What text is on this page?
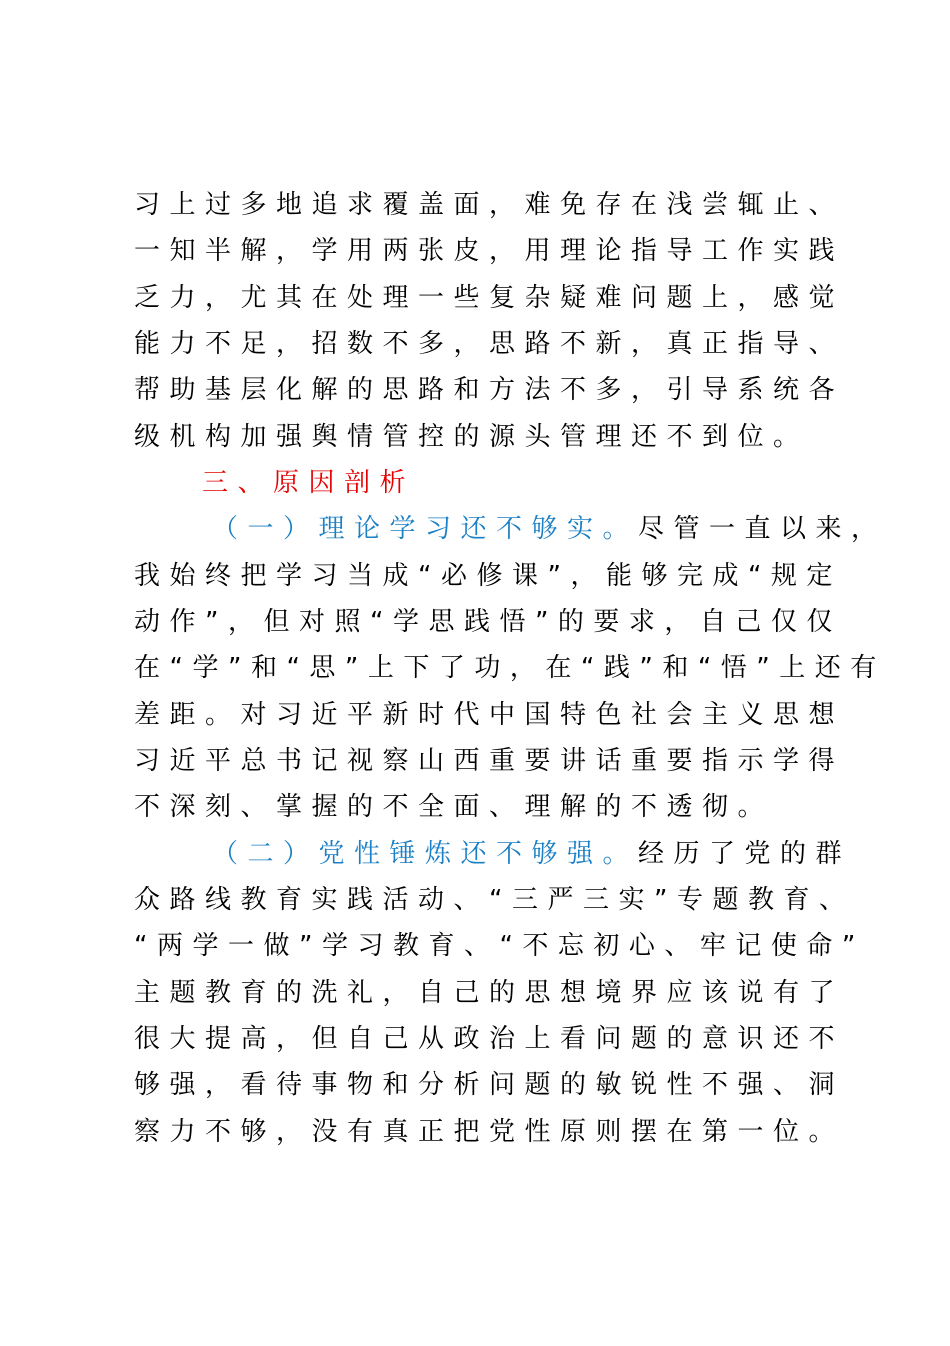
习上过多地追求覆盖面，难免存在浅尝辄止、
一知半解，学用两张皮，用理论指导工作实践
乏力，尤其在处理一些复杂疑难问题上，感觉
能力不足，招数不多，思路不新，真正指导、
帮助基层化解的思路和方法不多，引导系统各
级机构加强舆情管控的源头管理还不到位。
三、原因剖析
（一）理论学习还不够实。尽管一直以来，
我始终把学习当成“必修课”，能够完成“规定
动作”，但对照“学思践悟”的要求，自己仅仅
在“学”和“思”上下了功，在“践”和“悟”上还有
差距。对习近平新时代中国特色社会主义思想
习近平总书记视察山西重要讲话重要指示学得
不深刻、掌握的不全面、理解的不透彻。
（二）党性锤炼还不够强。经历了党的群
众路线教育实践活动、“三严三实”专题教育、
“两学一做”学习教育、“不忘初心、牢记使命”
主题教育的洗礼，自己的思想境界应该说有了
很大提高，但自己从政治上看问题的意识还不
够强，看待事物和分析问题的敏锐性不强、洞
察力不够，没有真正把党性原则摆在第一位。
